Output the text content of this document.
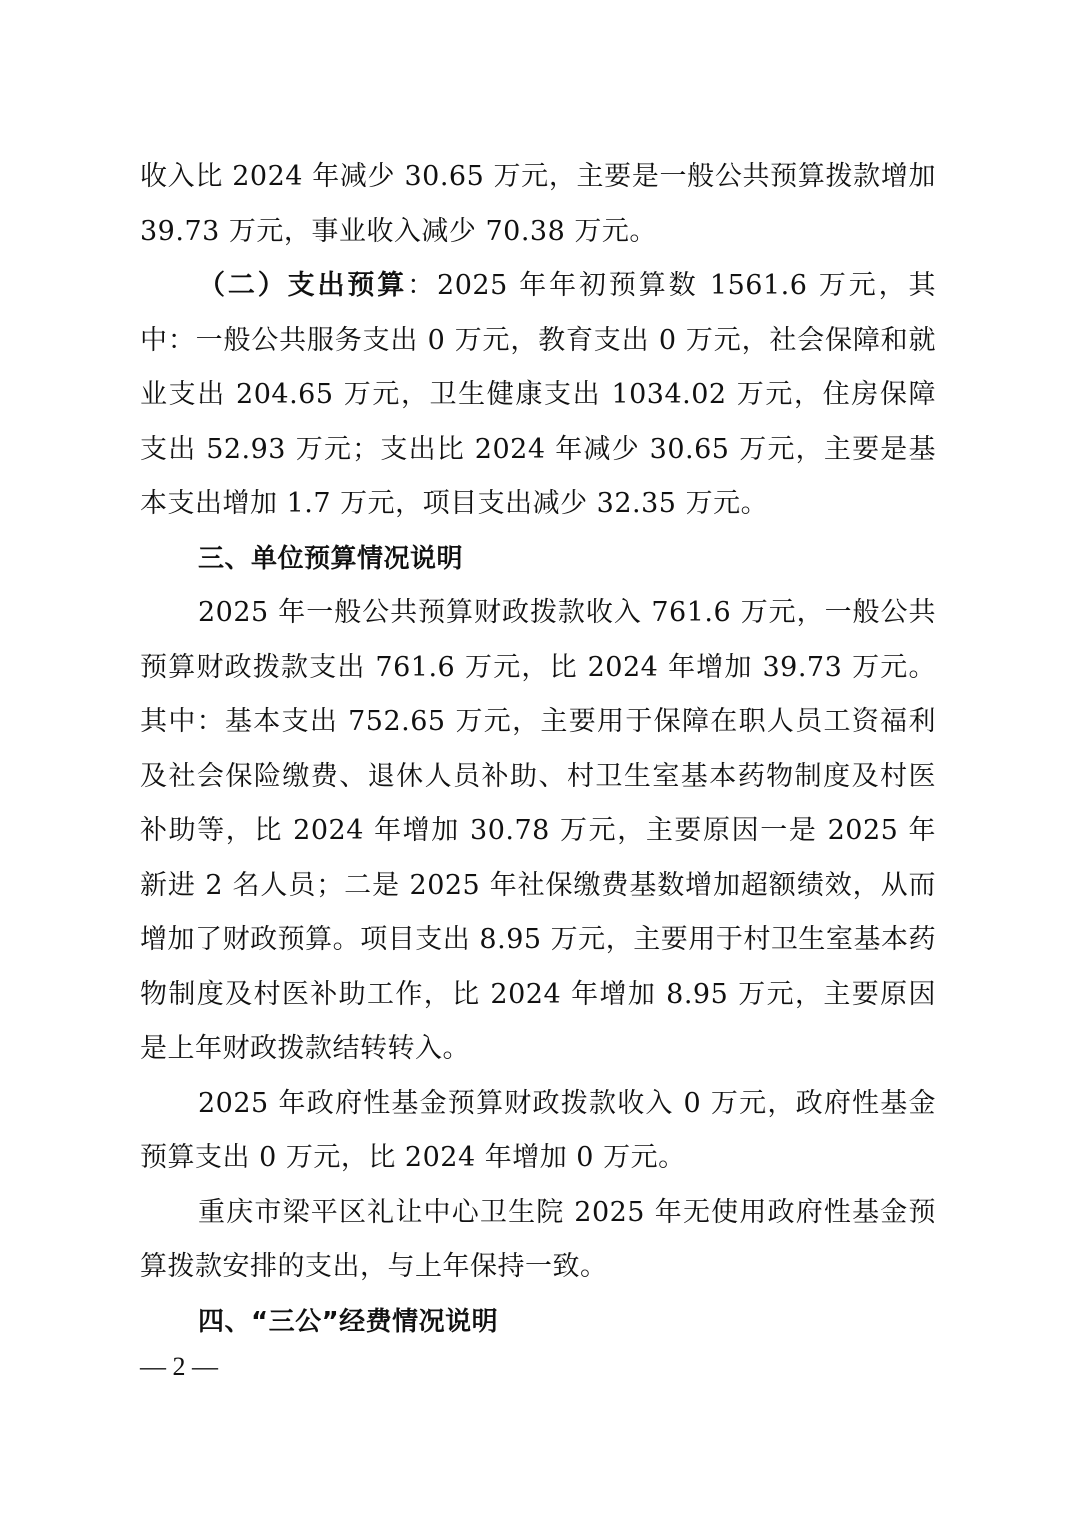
收入比 2024 年减少 30.65 万元，主要是一般公共预算拨款增加 39.73 万元，事业收入减少 70.38 万元。

（二）支出预算：2025 年年初预算数 1561.6 万元，其中：一般公共服务支出 0 万元，教育支出 0 万元，社会保障和就业支出 204.65 万元，卫生健康支出 1034.02 万元，住房保障支出 52.93 万元；支出比 2024 年减少 30.65 万元，主要是基本支出增加 1.7 万元，项目支出减少 32.35 万元。

三、单位预算情况说明

2025 年一般公共预算财政拨款收入 761.6 万元，一般公共预算财政拨款支出 761.6 万元，比 2024 年增加 39.73 万元。其中：基本支出 752.65 万元，主要用于保障在职人员工资福利及社会保险缴费、退休人员补助、村卫生室基本药物制度及村医补助等，比 2024 年增加 30.78 万元，主要原因一是 2025 年新进 2 名人员；二是 2025 年社保缴费基数增加超额绩效，从而增加了财政预算。项目支出 8.95 万元，主要用于村卫生室基本药物制度及村医补助工作，比 2024 年增加 8.95 万元，主要原因是上年财政拨款结转转入。

2025 年政府性基金预算财政拨款收入 0 万元，政府性基金预算支出 0 万元，比 2024 年增加 0 万元。

重庆市梁平区礼让中心卫生院 2025 年无使用政府性基金预算拨款安排的支出，与上年保持一致。

四、“三公”经费情况说明

— 2 —
